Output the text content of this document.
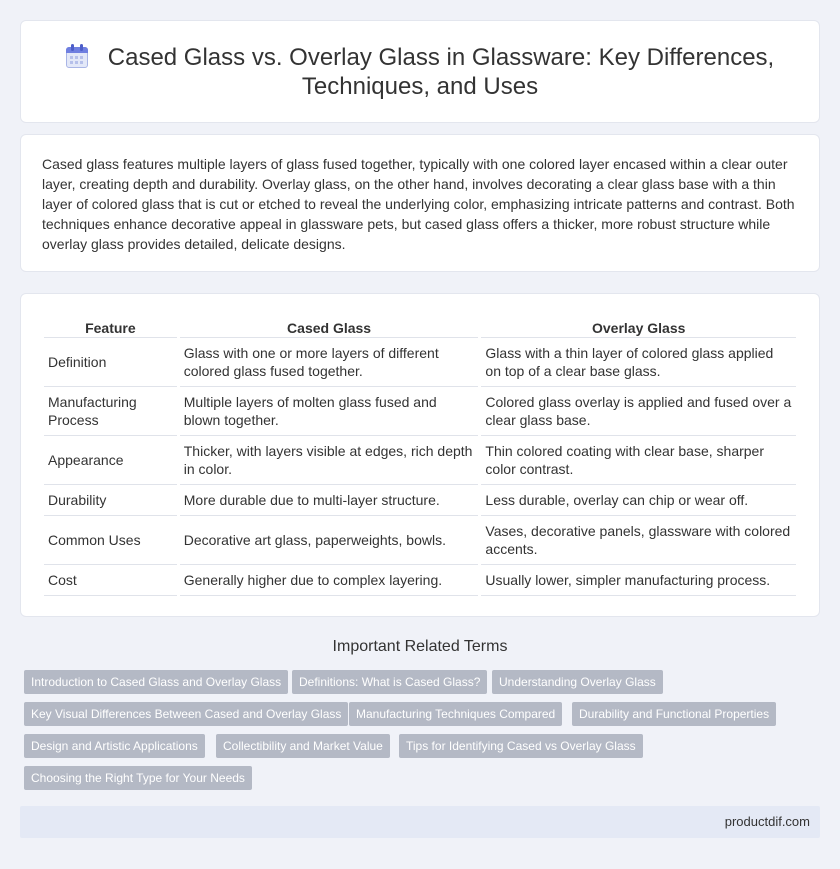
Cased Glass vs. Overlay Glass in Glassware: Key Differences,
Techniques, and Uses

Cased glass features multiple layers of glass fused together, typically with one colored layer encased within a clear outer layer, creating depth and durability. Overlay glass, on the other hand, involves decorating a clear glass base with a thin layer of colored glass that is cut or etched to reveal the underlying color, emphasizing intricate patterns and contrast. Both techniques enhance decorative appeal in glassware pets, but cased glass offers a thicker, more robust structure while overlay glass provides detailed, delicate designs.

Feature	Cased Glass	Overlay Glass
Definition	Glass with one or more layers of different colored glass fused together.	Glass with a thin layer of colored glass applied on top of a clear base glass.
Manufacturing Process	Multiple layers of molten glass fused and blown together.	Colored glass overlay is applied and fused over a clear glass base.
Appearance	Thicker, with layers visible at edges, rich depth in color.	Thin colored coating with clear base, sharper color contrast.
Durability	More durable due to multi-layer structure.	Less durable, overlay can chip or wear off.
Common Uses	Decorative art glass, paperweights, bowls.	Vases, decorative panels, glassware with colored accents.
Cost	Generally higher due to complex layering.	Usually lower, simpler manufacturing process.
Important Related Terms
Introduction to Cased Glass and Overlay Glass	Definitions: What is Cased Glass?	Understanding Overlay Glass
Key Visual Differences Between Cased and Overlay Glass	Manufacturing Techniques Compared	Durability and Functional Properties
Design and Artistic Applications	Collectibility and Market Value	Tips for Identifying Cased vs Overlay Glass
Choosing the Right Type for Your Needs
productdif.com
